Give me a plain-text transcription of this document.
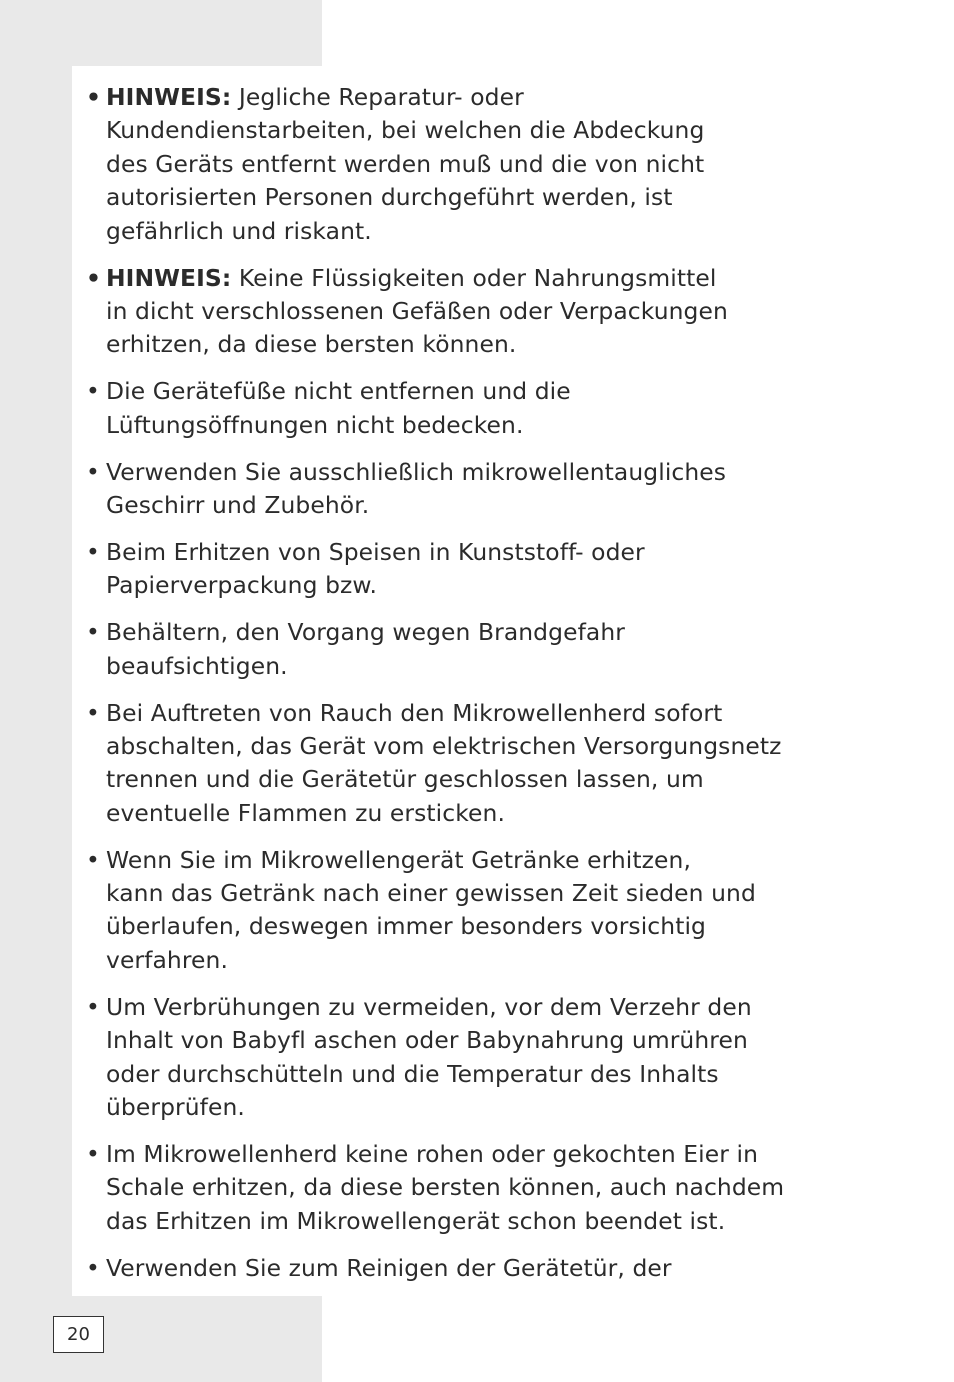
• HINWEIS: Jegliche Reparatur- oder
Kundendienstarbeiten, bei welchen die Abdeckung
des Geräts entfernt werden muß und die von nicht
autorisierten Personen durchgeführt werden, ist
gefährlich und riskant.
• HINWEIS: Keine Flüssigkeiten oder Nahrungsmittel
in dicht verschlossenen Gefäßen oder Verpackungen
erhitzen, da diese bersten können.
• Die Gerätefüße nicht entfernen und die
Lüftungsöffnungen nicht bedecken.
• Verwenden Sie ausschließlich mikrowellentaugliches
Geschirr und Zubehör.
• Beim Erhitzen von Speisen in Kunststoff- oder
Papierverpackung bzw.
• Behältern, den Vorgang wegen Brandgefahr
beaufsichtigen.
• Bei Auftreten von Rauch den Mikrowellenherd sofort
abschalten, das Gerät vom elektrischen Versorgungsnetz
trennen und die Gerätetür geschlossen lassen, um
eventuelle Flammen zu ersticken.
• Wenn Sie im Mikrowellengerät Getränke erhitzen,
kann das Getränk nach einer gewissen Zeit sieden und
überlaufen, deswegen immer besonders vorsichtig
verfahren.
• Um Verbrühungen zu vermeiden, vor dem Verzehr den
Inhalt von Babyfl aschen oder Babynahrung umrühren
oder durchschütteln und die Temperatur des Inhalts
überprüfen.
• Im Mikrowellenherd keine rohen oder gekochten Eier in
Schale erhitzen, da diese bersten können, auch nachdem
das Erhitzen im Mikrowellengerät schon beendet ist.
• Verwenden Sie zum Reinigen der Gerätetür, der
20
